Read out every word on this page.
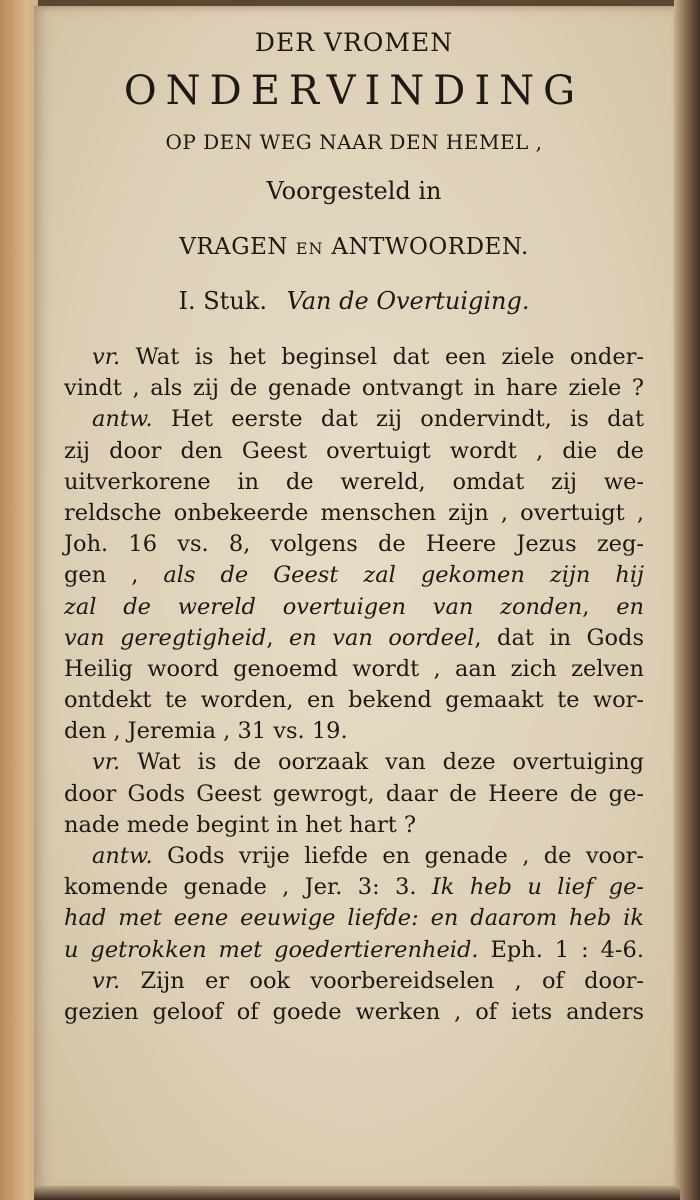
DER VROMEN
ONDERVINDING
OP DEN WEG NAAR DEN HEMEL ,
Voorgesteld in
VRAGEN EN ANTWOORDEN.
I. Stuk. Van de Overtuiging.
vr. Wat is het beginsel dat een ziele onder-
vindt , als zij de genade ontvangt in hare ziele ?
antw. Het eerste dat zij ondervindt, is dat
zij door den Geest overtuigt wordt , die de
uitverkorene in de wereld, omdat zij we-
reldsche onbekeerde menschen zijn , overtuigt ,
Joh. 16 vs. 8, volgens de Heere Jezus zeg-
gen , als de Geest zal gekomen zijn hij
zal de wereld overtuigen van zonden, en
van geregtigheid, en van oordeel, dat in Gods
Heilig woord genoemd wordt , aan zich zelven
ontdekt te worden, en bekend gemaakt te wor-
den , Jeremia , 31 vs. 19.
vr. Wat is de oorzaak van deze overtuiging
door Gods Geest gewrogt, daar de Heere de ge-
nade mede begint in het hart ?
antw. Gods vrije liefde en genade , de voor-
komende genade , Jer. 3: 3. Ik heb u lief ge-
had met eene eeuwige liefde: en daarom heb ik
u getrokken met goedertierenheid. Eph. 1 : 4-6.
vr. Zijn er ook voorbereidselen , of door-
gezien geloof of goede werken , of iets anders
